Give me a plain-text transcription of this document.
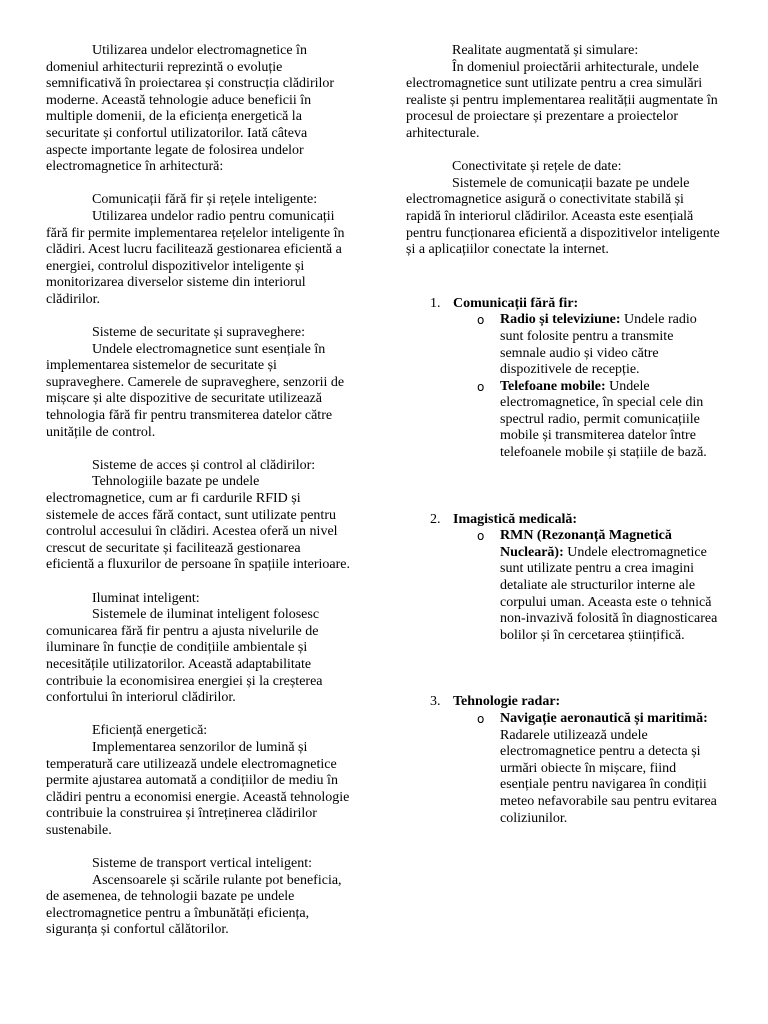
Utilizarea undelor electromagnetice în domeniul arhitecturii reprezintă o evoluție semnificativă în proiectarea și construcția clădirilor moderne. Această tehnologie aduce beneficii în multiple domenii, de la eficiența energetică la securitate și confortul utilizatorilor. Iată câteva aspecte importante legate de folosirea undelor electromagnetice în arhitectură:

Comunicații fără fir și rețele inteligente:

Utilizarea undelor radio pentru comunicații fără fir permite implementarea rețelelor inteligente în clădiri. Acest lucru facilitează gestionarea eficientă a energiei, controlul dispozitivelor inteligente și monitorizarea diverselor sisteme din interiorul clădirilor.

Sisteme de securitate și supraveghere:

Undele electromagnetice sunt esențiale în implementarea sistemelor de securitate și supraveghere. Camerele de supraveghere, senzorii de mișcare și alte dispozitive de securitate utilizează tehnologia fără fir pentru transmiterea datelor către unitățile de control.

Sisteme de acces și control al clădirilor:

Tehnologiile bazate pe undele electromagnetice, cum ar fi cardurile RFID și sistemele de acces fără contact, sunt utilizate pentru controlul accesului în clădiri. Acestea oferă un nivel crescut de securitate și facilitează gestionarea eficientă a fluxurilor de persoane în spațiile interioare.

Iluminat inteligent:

Sistemele de iluminat inteligent folosesc comunicarea fără fir pentru a ajusta nivelurile de iluminare în funcție de condițiile ambientale și necesitățile utilizatorilor. Această adaptabilitate contribuie la economisirea energiei și la creșterea confortului în interiorul clădirilor.

Eficiență energetică:

Implementarea senzorilor de lumină și temperatură care utilizează undele electromagnetice permite ajustarea automată a condițiilor de mediu în clădiri pentru a economisi energie. Această tehnologie contribuie la construirea și întreținerea clădirilor sustenabile.

Sisteme de transport vertical inteligent:

Ascensoarele și scările rulante pot beneficia, de asemenea, de tehnologii bazate pe undele electromagnetice pentru a îmbunătăți eficiența, siguranța și confortul călătorilor.

Realitate augmentată și simulare:

În domeniul proiectării arhitecturale, undele electromagnetice sunt utilizate pentru a crea simulări realiste și pentru implementarea realității augmentate în procesul de proiectare și prezentare a proiectelor arhitecturale.

Conectivitate și rețele de date:

Sistemele de comunicații bazate pe undele electromagnetice asigură o conectivitate stabilă și rapidă în interiorul clădirilor. Aceasta este esențială pentru funcționarea eficientă a dispozitivelor inteligente și a aplicațiilor conectate la internet.

1. Comunicații fără fir:
o Radio și televiziune: Undele radio sunt folosite pentru a transmite semnale audio și video către dispozitivele de recepție.
o Telefoane mobile: Undele electromagnetice, în special cele din spectrul radio, permit comunicațiile mobile și transmiterea datelor între telefoanele mobile și stațiile de bază.
2. Imagistică medicală:
o RMN (Rezonanță Magnetică Nucleară): Undele electromagnetice sunt utilizate pentru a crea imagini detaliate ale structurilor interne ale corpului uman. Aceasta este o tehnică non-invazivă folosită în diagnosticarea bolilor și în cercetarea științifică.
3. Tehnologie radar:
o Navigație aeronautică și maritimă: Radarele utilizează undele electromagnetice pentru a detecta și urmări obiecte în mișcare, fiind esențiale pentru navigarea în condiții meteo nefavorabile sau pentru evitarea coliziunilor.
